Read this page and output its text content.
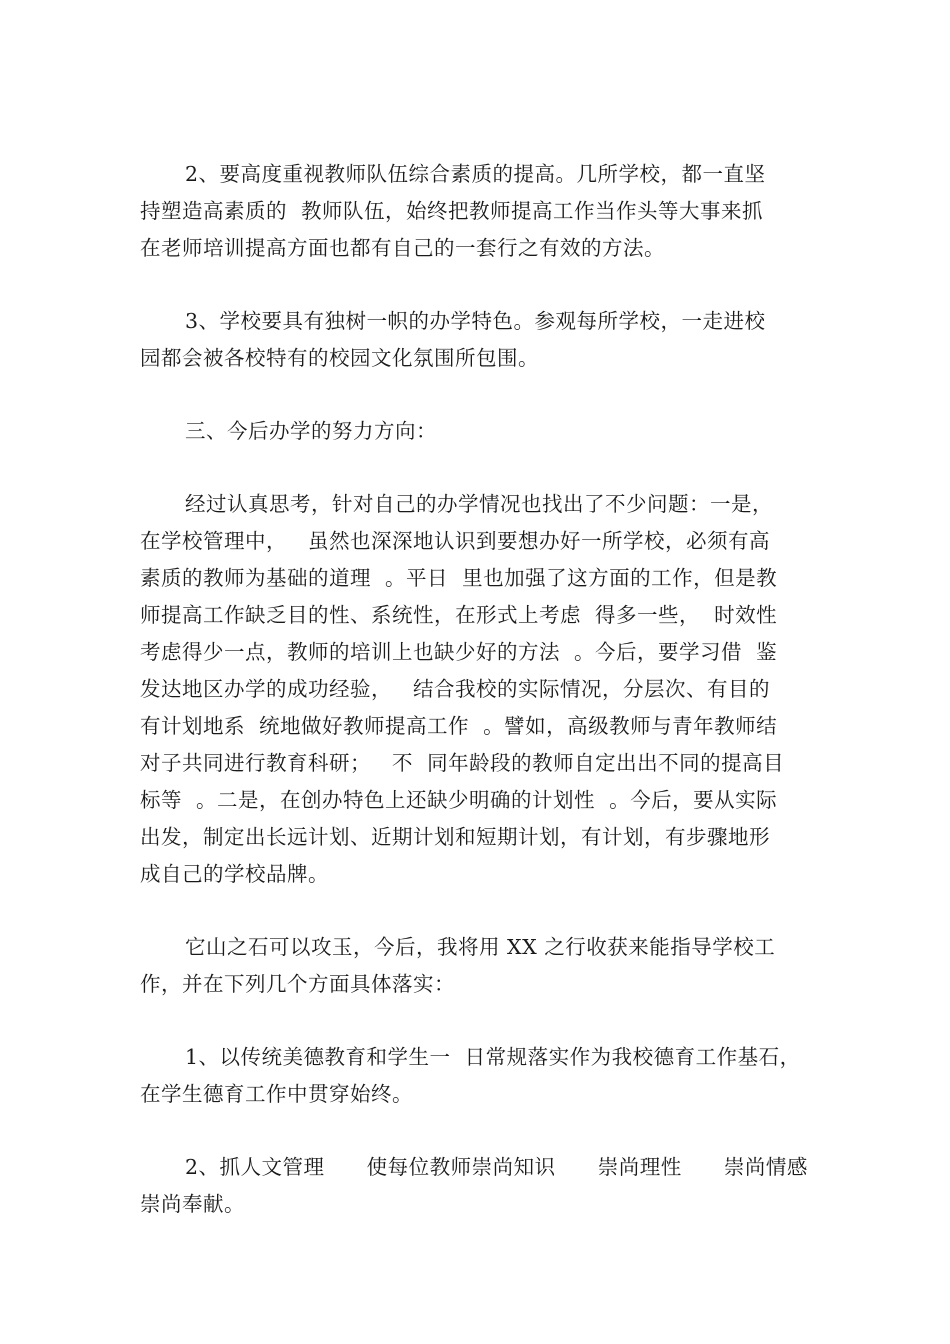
2、要高度重视教师队伍综合素质的提高。几所学校，都一直坚
持塑造高素质的  教师队伍，始终把教师提高工作当作头等大事来抓
在老师培训提高方面也都有自己的一套行之有效的方法。

3、学校要具有独树一帜的办学特色。参观每所学校，一走进校
园都会被各校特有的校园文化氛围所包围。

三、今后办学的努力方向：

经过认真思考，针对自己的办学情况也找出了不少问题：一是，
在学校管理中，   虽然也深深地认识到要想办好一所学校，必须有高
素质的教师为基础的道理  。平日  里也加强了这方面的工作，但是教
师提高工作缺乏目的性、系统性，在形式上考虑  得多一些，  时效性
考虑得少一点，教师的培训上也缺少好的方法  。今后，要学习借  鉴
发达地区办学的成功经验，   结合我校的实际情况，分层次、有目的
有计划地系  统地做好教师提高工作  。譬如，高级教师与青年教师结
对子共同进行教育科研；   不  同年龄段的教师自定出出不同的提高目
标等  。二是，在创办特色上还缺少明确的计划性  。今后，要从实际
出发，制定出长远计划、近期计划和短期计划，有计划，有步骤地形
成自己的学校品牌。

它山之石可以攻玉，今后，我将用 XX 之行收获来能指导学校工
作，并在下列几个方面具体落实：

1、以传统美德教育和学生一  日常规落实作为我校德育工作基石，
在学生德育工作中贯穿始终。

2、抓人文管理      使每位教师崇尚知识      崇尚理性      崇尚情感
崇尚奉献。
